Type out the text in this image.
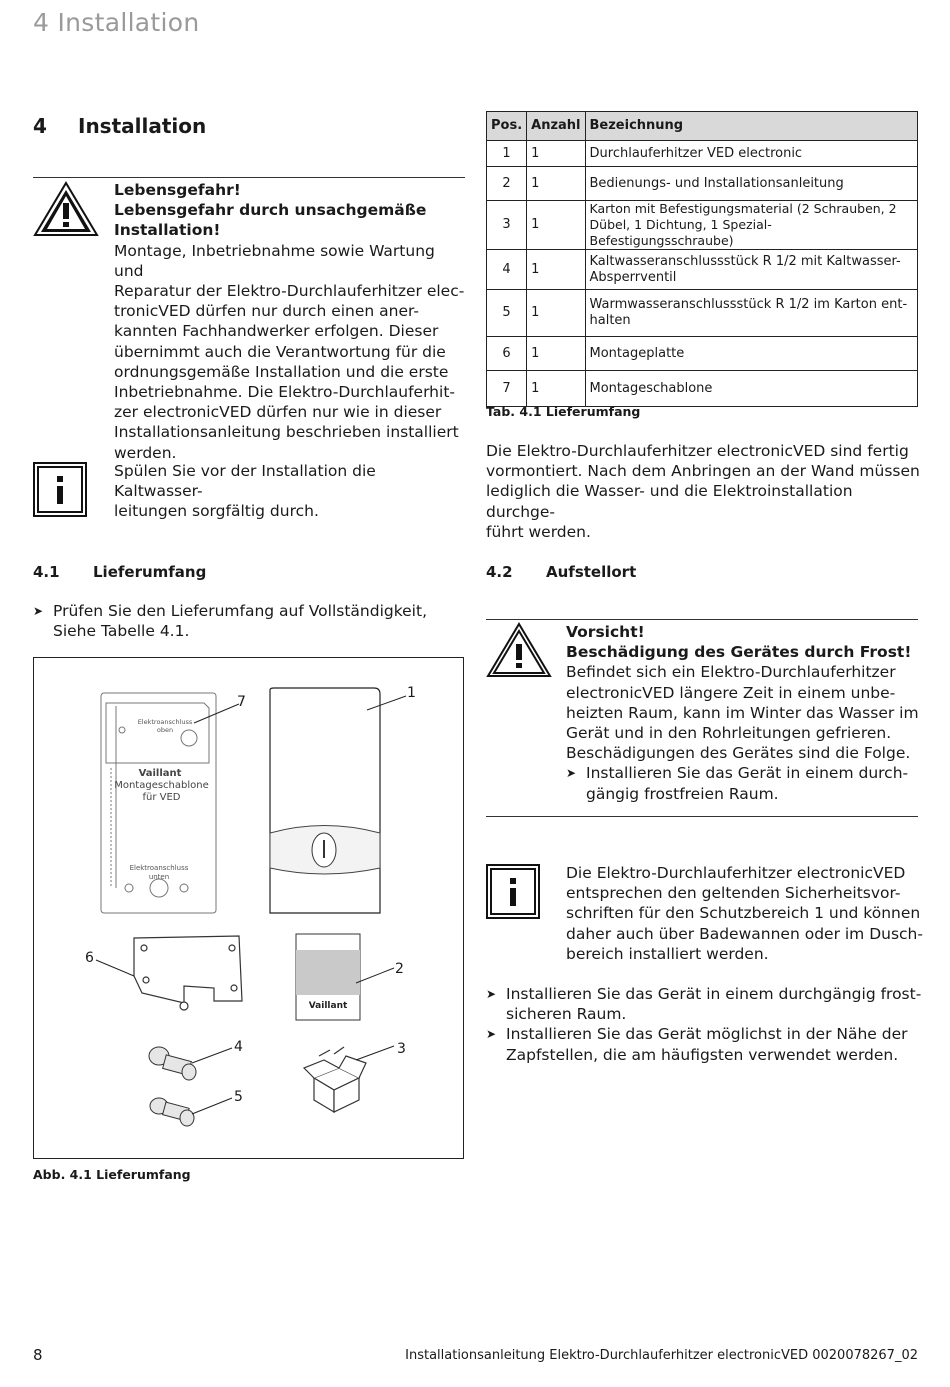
4 Installation
4 Installation
Lebensgefahr!
Lebensgefahr durch unsachgemäße
Installation!
Montage, Inbetriebnahme sowie Wartung und
Reparatur der Elektro-Durchlauferhitzer elec-
tronicVED dürfen nur durch einen aner-
kannten Fachhandwerker erfolgen. Dieser
übernimmt auch die Verantwortung für die
ordnungsgemäße Installation und die erste
Inbetriebnahme. Die Elektro-Durchlauferhit-
zer electronicVED dürfen nur wie in dieser
Installationsanleitung beschrieben installiert
werden.
Spülen Sie vor der Installation die Kaltwasser-
leitungen sorgfältig durch.
4.1 Lieferumfang
➤ Prüfen Sie den Lieferumfang auf Vollständigkeit,
Siehe Tabelle 4.1.
Vaillant
Elektroanschluss oben
Montageschablone
für VED
Elektroanschluss
unten
Vaillant
1
2
3
4
5
6
7
Abb. 4.1 Lieferumfang
Pos.	Anzahl	Bezeichnung
1	1	Durchlauferhitzer VED electronic
2	1	Bedienungs- und Installationsanleitung
3	1	Karton mit Befestigungsmaterial (2 Schrauben, 2 Dübel, 1 Dichtung, 1 Spezial-Befestigungsschraube)
4	1	Kaltwasseranschlussstück R 1/2 mit Kaltwasser-Absperrventil
5	1	Warmwasseranschlussstück R 1/2 im Karton ent-halten
6	1	Montageplatte
7	1	Montageschablone
Tab. 4.1 Lieferumfang
Die Elektro-Durchlauferhitzer electronicVED sind fertig
vormontiert. Nach dem Anbringen an der Wand müssen
lediglich die Wasser- und die Elektroinstallation durchge-
führt werden.
4.2 Aufstellort
Vorsicht!
Beschädigung des Gerätes durch Frost!
Befindet sich ein Elektro-Durchlauferhitzer
electronicVED längere Zeit in einem unbe-
heizten Raum, kann im Winter das Wasser im
Gerät und in den Rohrleitungen gefrieren.
Beschädigungen des Gerätes sind die Folge.
➤ Installieren Sie das Gerät in einem durch-
gängig frostfreien Raum.
Die Elektro-Durchlauferhitzer electronicVED
entsprechen den geltenden Sicherheitsvor-
schriften für den Schutzbereich 1 und können
daher auch über Badewannen oder im Dusch-
bereich installiert werden.
➤ Installieren Sie das Gerät in einem durchgängig frost-
sicheren Raum.
➤ Installieren Sie das Gerät möglichst in der Nähe der
Zapfstellen, die am häufigsten verwendet werden.
8	Installationsanleitung Elektro-Durchlauferhitzer electronicVED 0020078267_02
